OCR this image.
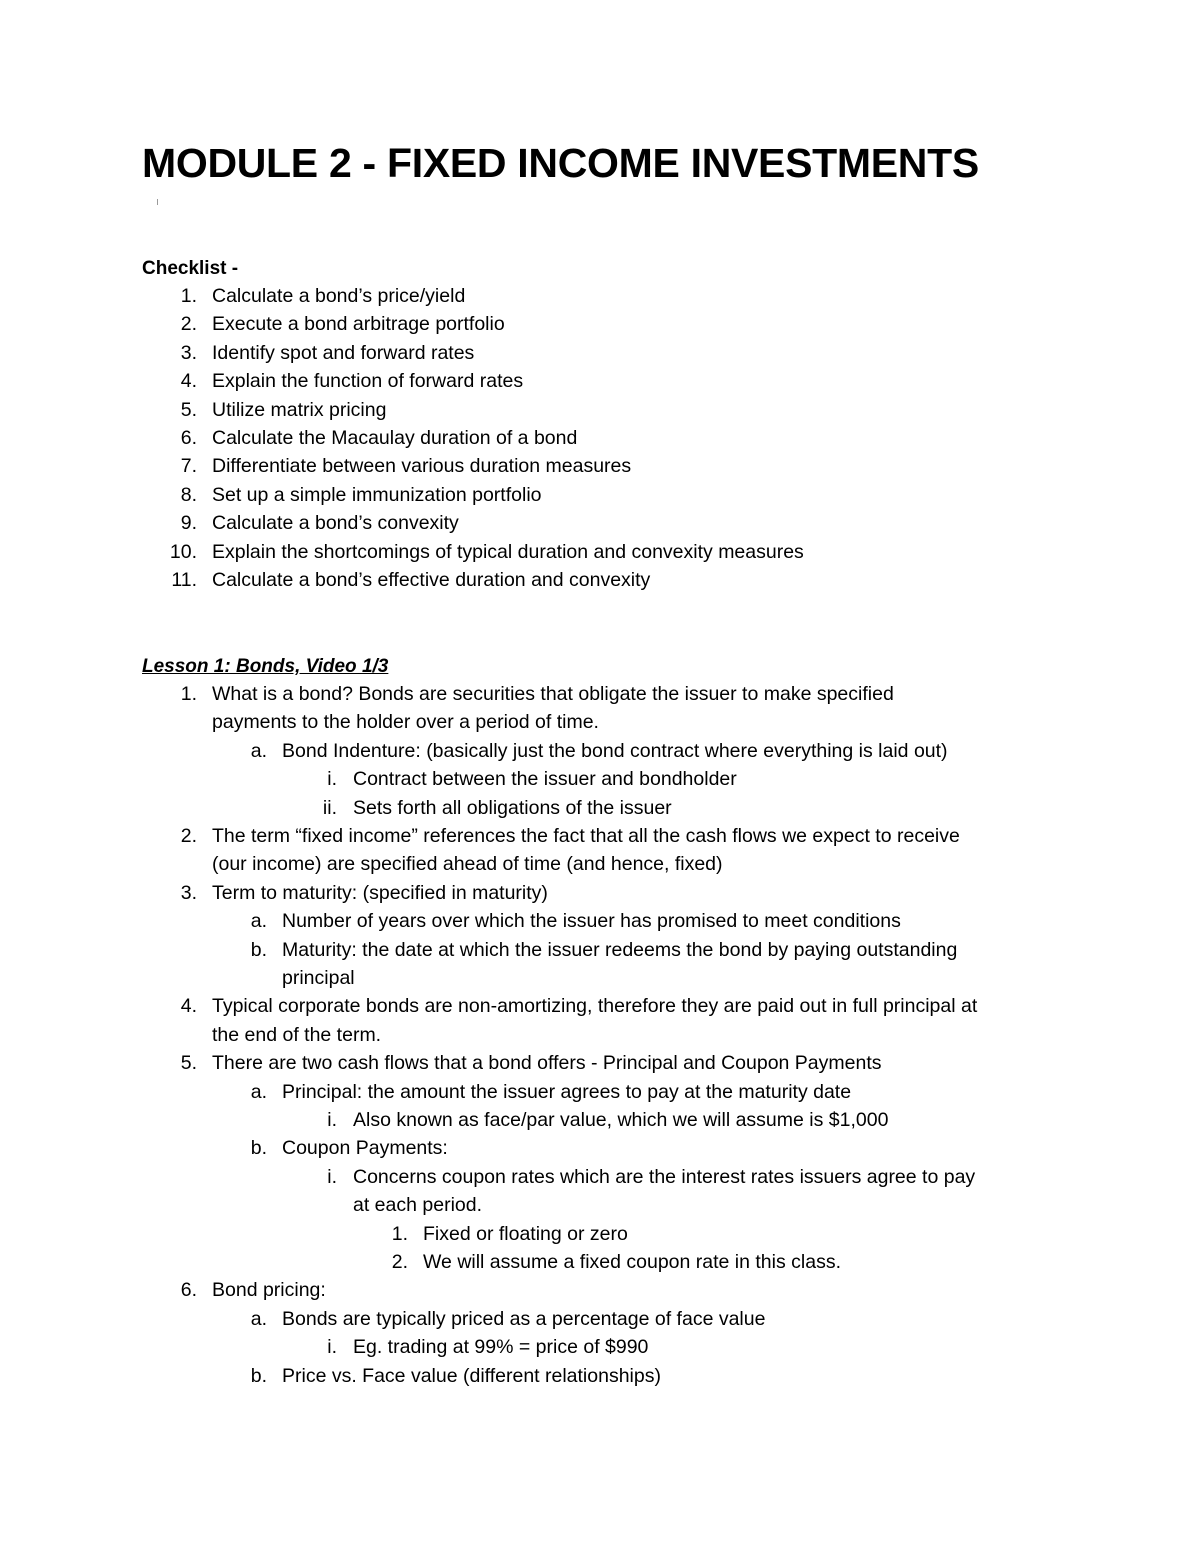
MODULE 2 - FIXED INCOME INVESTMENTS
Checklist -
1. Calculate a bond’s price/yield
2. Execute a bond arbitrage portfolio
3. Identify spot and forward rates
4. Explain the function of forward rates
5. Utilize matrix pricing
6. Calculate the Macaulay duration of a bond
7. Differentiate between various duration measures
8. Set up a simple immunization portfolio
9. Calculate a bond’s convexity
10. Explain the shortcomings of typical duration and convexity measures
11. Calculate a bond’s effective duration and convexity
Lesson 1: Bonds, Video 1/3
1. What is a bond? Bonds are securities that obligate the issuer to make specified
payments to the holder over a period of time.
a. Bond Indenture: (basically just the bond contract where everything is laid out)
i. Contract between the issuer and bondholder
ii. Sets forth all obligations of the issuer
2. The term “fixed income” references the fact that all the cash flows we expect to receive
(our income) are specified ahead of time (and hence, fixed)
3. Term to maturity: (specified in maturity)
a. Number of years over which the issuer has promised to meet conditions
b. Maturity: the date at which the issuer redeems the bond by paying outstanding
principal
4. Typical corporate bonds are non-amortizing, therefore they are paid out in full principal at
the end of the term.
5. There are two cash flows that a bond offers - Principal and Coupon Payments
a. Principal: the amount the issuer agrees to pay at the maturity date
i. Also known as face/par value, which we will assume is $1,000
b. Coupon Payments:
i. Concerns coupon rates which are the interest rates issuers agree to pay
at each period.
1. Fixed or floating or zero
2. We will assume a fixed coupon rate in this class.
6. Bond pricing:
a. Bonds are typically priced as a percentage of face value
i. Eg. trading at 99% = price of $990
b. Price vs. Face value (different relationships)
